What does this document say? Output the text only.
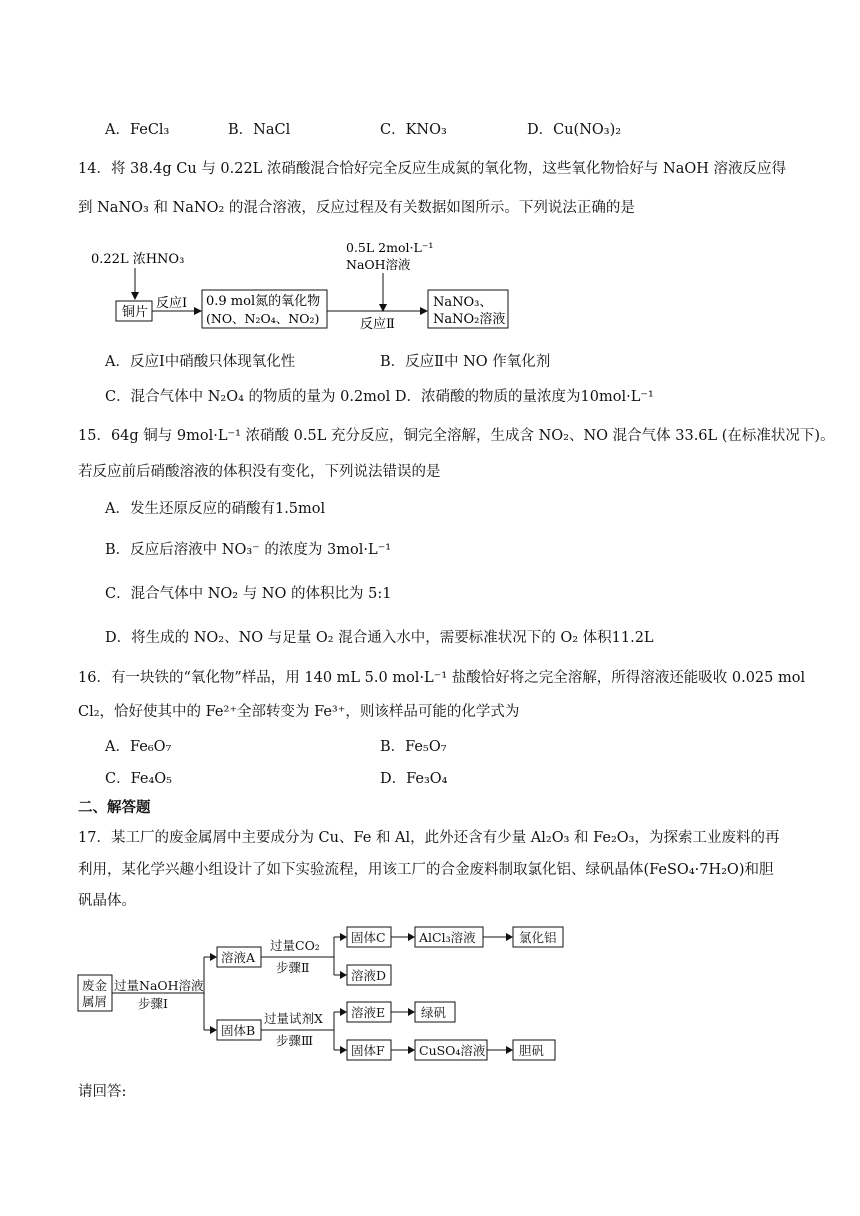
A．FeCl₃	B．NaCl	C．KNO₃	D．Cu(NO₃)₂
14．将 38.4g Cu 与 0.22L 浓硝酸混合恰好完全反应生成氮的氧化物，这些氧化物恰好与 NaOH 溶液反应得
到 NaNO₃ 和 NaNO₂ 的混合溶液，反应过程及有关数据如图所示。下列说法正确的是
0.22L 浓HNO₃
铜片
反应Ⅰ 0.9 mol氮的氧化物
(NO、N₂O₄、NO₂)
0.5L 2mol·L⁻¹
NaOH溶液
反应Ⅱ
NaNO₃、
NaNO₂溶液
A．反应Ⅰ中硝酸只体现氧化性	B．反应Ⅱ中 NO 作氧化剂
C．混合气体中 N₂O₄ 的物质的量为 0.2mol D．浓硝酸的物质的量浓度为10mol·L⁻¹
15．64g 铜与 9mol·L⁻¹ 浓硝酸 0.5L 充分反应，铜完全溶解，生成含 NO₂、NO 混合气体 33.6L (在标准状况下)。
若反应前后硝酸溶液的体积没有变化，下列说法错误的是
A．发生还原反应的硝酸有1.5mol
B．反应后溶液中 NO₃⁻ 的浓度为 3mol·L⁻¹
C．混合气体中 NO₂ 与 NO 的体积比为 5:1
D．将生成的 NO₂、NO 与足量 O₂ 混合通入水中，需要标准状况下的 O₂ 体积11.2L
16．有一块铁的“氧化物”样品，用 140 mL 5.0 mol·L⁻¹ 盐酸恰好将之完全溶解，所得溶液还能吸收 0.025 mol
Cl₂，恰好使其中的 Fe²⁺全部转变为 Fe³⁺，则该样品可能的化学式为
A．Fe₆O₇	B．Fe₅O₇
C．Fe₄O₅	D．Fe₃O₄
二、解答题
17．某工厂的废金属屑中主要成分为 Cu、Fe 和 Al，此外还含有少量 Al₂O₃ 和 Fe₂O₃，为探索工业废料的再
利用，某化学兴趣小组设计了如下实验流程，用该工厂的合金废料制取氯化铝、绿矾晶体(FeSO₄·7H₂O)和胆
矾晶体。
废金
属屑
过量NaOH溶液
步骤Ⅰ
溶液A
过量CO₂
步骤Ⅱ
固体C	AlCl₃溶液	氯化铝
溶液D
固体B
过量试剂X
步骤Ⅲ
溶液E	绿矾
固体F	CuSO₄溶液	胆矾
请回答:
